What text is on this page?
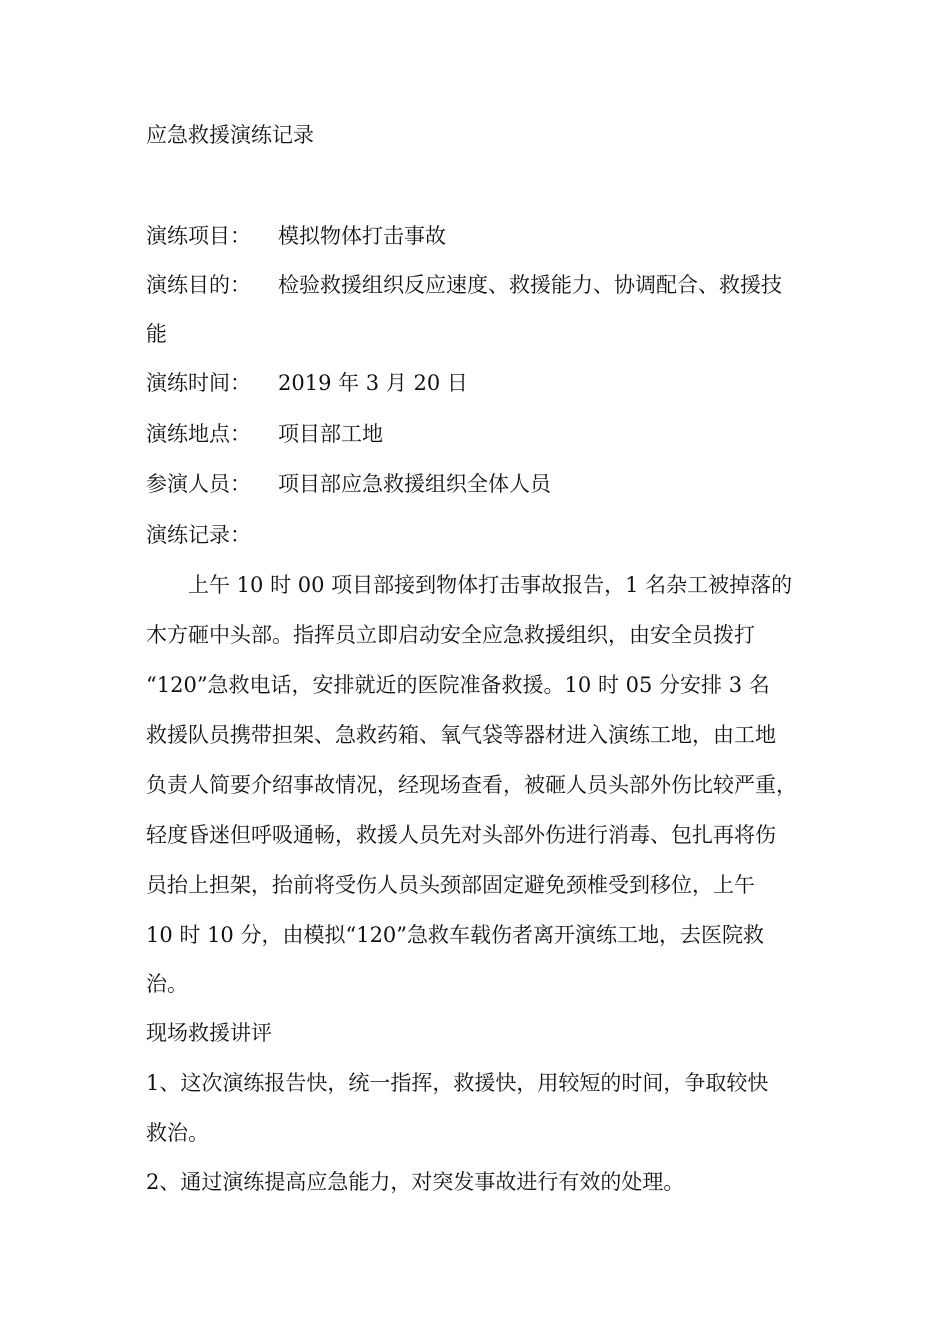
应急救援演练记录
演练项目： 模拟物体打击事故
演练目的： 检验救援组织反应速度、救援能力、协调配合、救援技
能
演练时间： 2019 年 3 月 20 日
演练地点： 项目部工地
参演人员： 项目部应急救援组织全体人员
演练记录：
上午 10 时 00 项目部接到物体打击事故报告，1 名杂工被掉落的
木方砸中头部。指挥员立即启动安全应急救援组织，由安全员拨打
“120”急救电话，安排就近的医院准备救援。10 时 05 分安排 3 名
救援队员携带担架、急救药箱、氧气袋等器材进入演练工地，由工地
负责人简要介绍事故情况，经现场查看，被砸人员头部外伤比较严重，
轻度昏迷但呼吸通畅，救援人员先对头部外伤进行消毒、包扎再将伤
员抬上担架，抬前将受伤人员头颈部固定避免颈椎受到移位，上午
10 时 10 分，由模拟“120”急救车载伤者离开演练工地，去医院救
治。
现场救援讲评
1、这次演练报告快，统一指挥，救援快，用较短的时间，争取较快
救治。
2、通过演练提高应急能力，对突发事故进行有效的处理。
